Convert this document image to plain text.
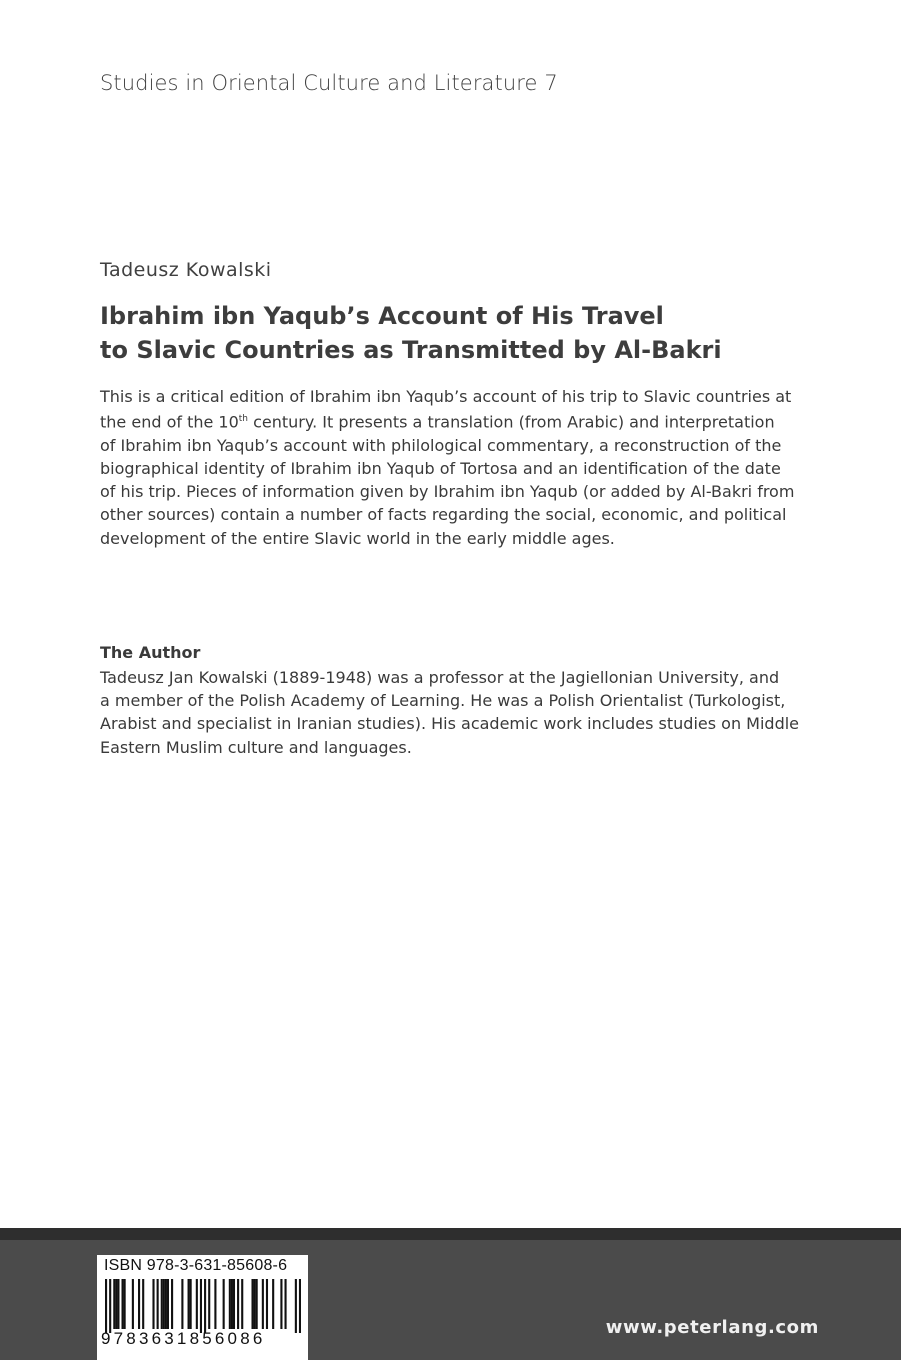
Studies in Oriental Culture and Literature 7
Tadeusz Kowalski
Ibrahim ibn Yaqub’s Account of His Travel
to Slavic Countries as Transmitted by Al-Bakri
This is a critical edition of Ibrahim ibn Yaqub’s account of his trip to Slavic countries at
the end of the 10th century. It presents a translation (from Arabic) and interpretation
of Ibrahim ibn Yaqub’s account with philological commentary, a reconstruction of the
biographical identity of Ibrahim ibn Yaqub of Tortosa and an identification of the date
of his trip. Pieces of information given by Ibrahim ibn Yaqub (or added by Al-Bakri from
other sources) contain a number of facts regarding the social, economic, and political
development of the entire Slavic world in the early middle ages.
The Author
Tadeusz Jan Kowalski (1889-1948) was a professor at the Jagiellonian University, and
a member of the Polish Academy of Learning. He was a Polish Orientalist (Turkologist,
Arabist and specialist in Iranian studies). His academic work includes studies on Middle
Eastern Muslim culture and languages.
ISBN 978-3-631-85608-6
9783631856086
www.peterlang.com
